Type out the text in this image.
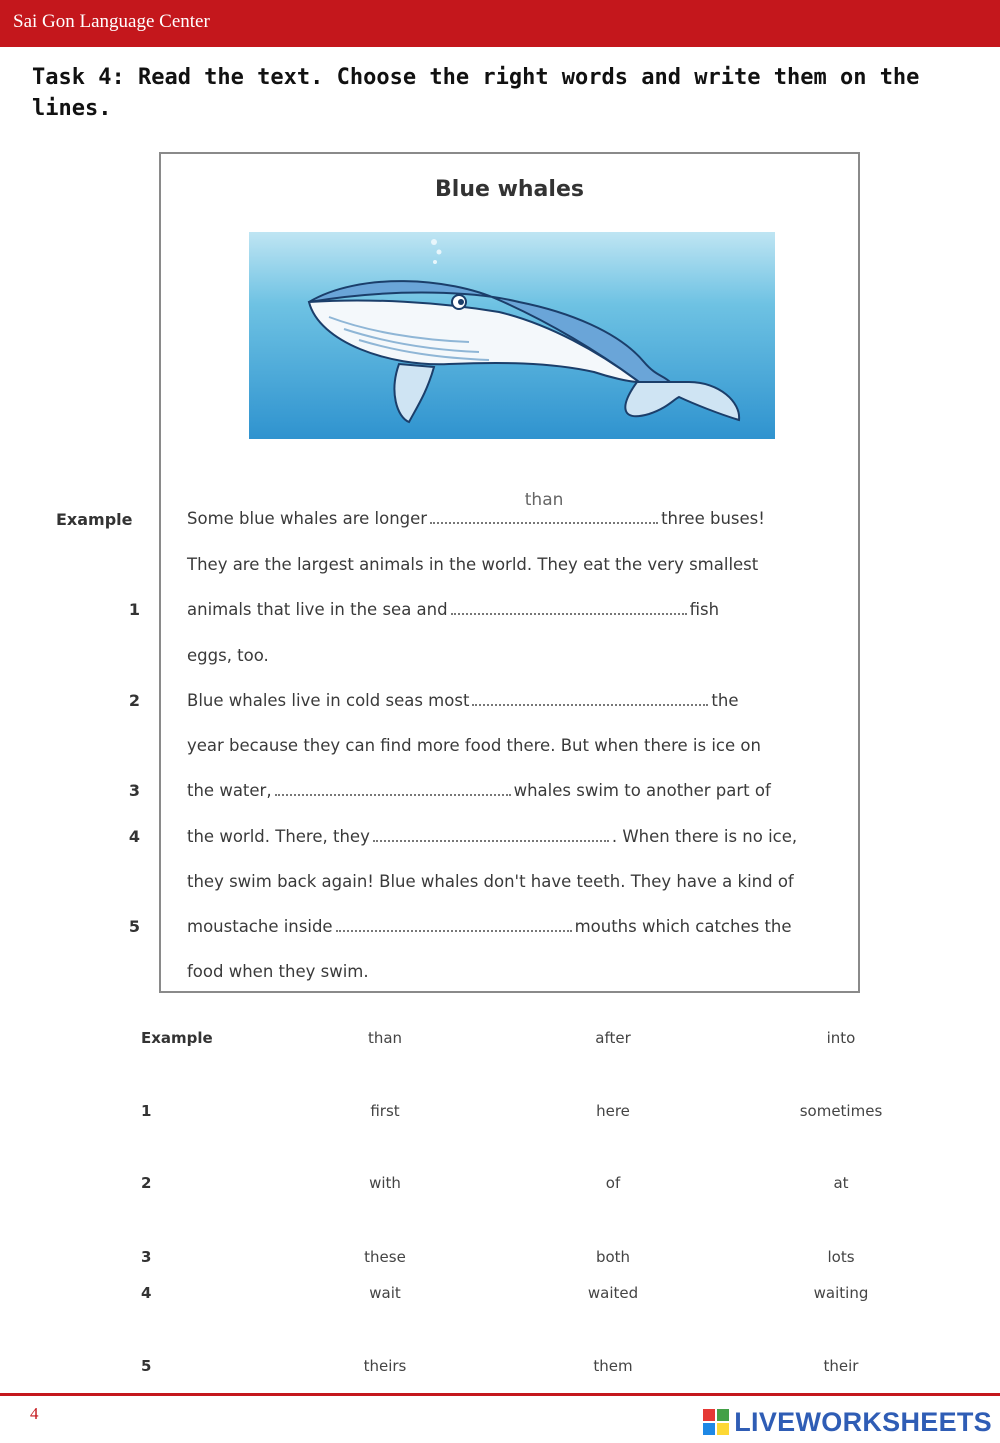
Sai Gon Language Center
Task 4: Read the text. Choose the right words and write them on the lines.
Blue whales
Example	Some blue whales are longer
than
three buses!
They are the largest animals in the world. They eat the very smallest
1	animals that live in the sea and	fish
eggs, too.
2	Blue whales live in cold seas most	the
year because they can find more food there. But when there is ice on
3	the water,	whales swim to another part of
4	the world. There, they	. When there is no ice,
they swim back again! Blue whales don't have teeth. They have a kind of
5	moustache inside	mouths which catches the
food when they swim.
Example	than	after	into
1	first	here	sometimes
2	with	of	at
3	these	both	lots
4	wait	waited	waiting
5	theirs	them	their
4	LIVEWORKSHEETS
